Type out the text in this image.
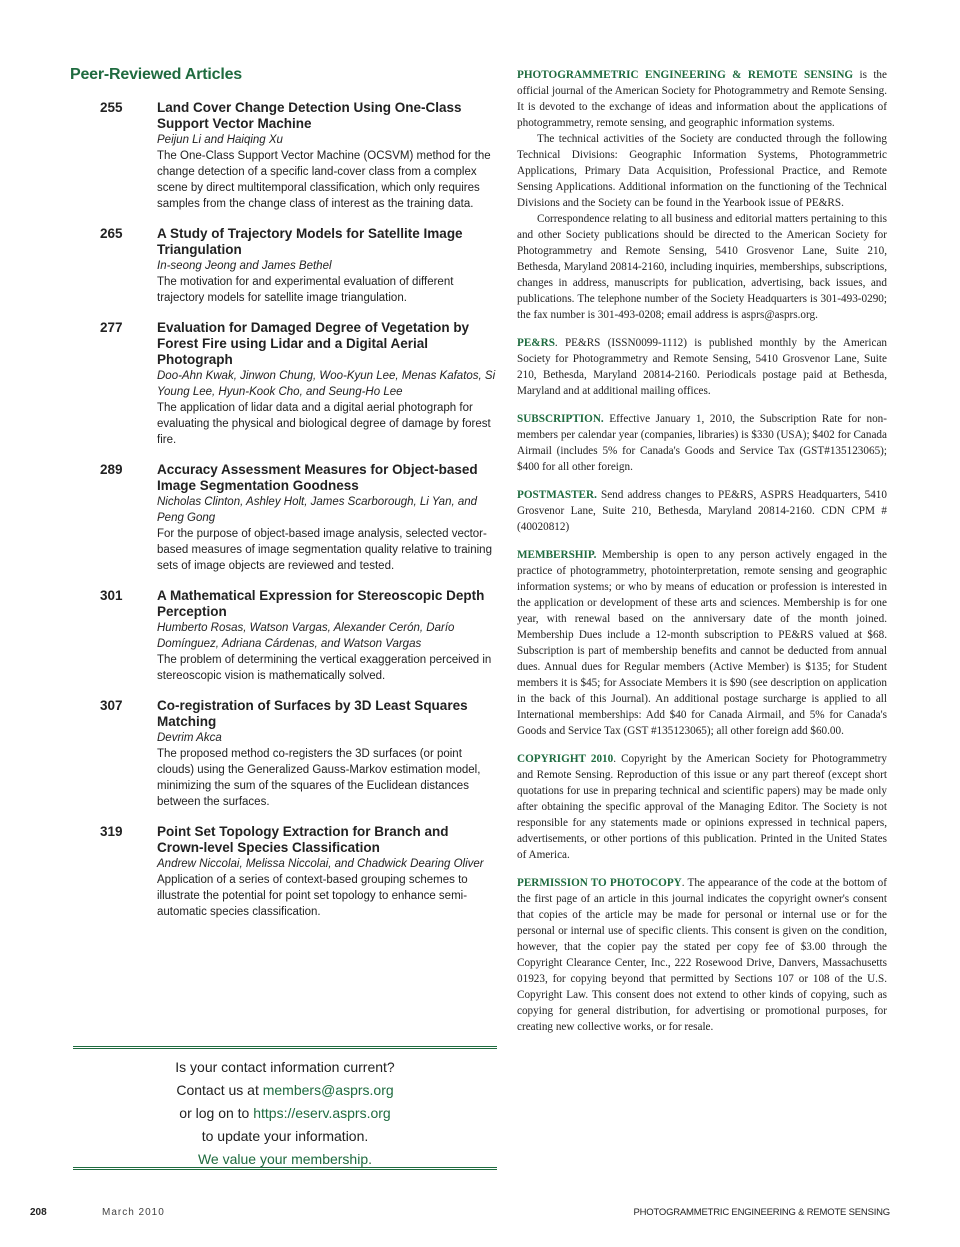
Peer-Reviewed Articles
255	Land Cover Change Detection Using One-Class Support Vector Machine
Peijun Li and Haiqing Xu
The One-Class Support Vector Machine (OCSVM) method for the change detection of a specific land-cover class from a complex scene by direct multitemporal classification, which only requires samples from the change class of interest as the training data.
265	A Study of Trajectory Models for Satellite Image Triangulation
In-seong Jeong and James Bethel
The motivation for and experimental evaluation of different trajectory models for satellite image triangulation.
277	Evaluation for Damaged Degree of Vegetation by Forest Fire using Lidar and a Digital Aerial Photograph
Doo-Ahn Kwak, Jinwon Chung, Woo-Kyun Lee, Menas Kafatos, Si Young Lee, Hyun-Kook Cho, and Seung-Ho Lee
The application of lidar data and a digital aerial photograph for evaluating the physical and biological degree of damage by forest fire.
289	Accuracy Assessment Measures for Object-based Image Segmentation Goodness
Nicholas Clinton, Ashley Holt, James Scarborough, Li Yan, and Peng Gong
For the purpose of object-based image analysis, selected vector-based measures of image segmentation quality relative to training sets of image objects are reviewed and tested.
301	A Mathematical Expression for Stereoscopic Depth Perception
Humberto Rosas, Watson Vargas, Alexander Cerón, Darío Domínguez, Adriana Cárdenas, and Watson Vargas
The problem of determining the vertical exaggeration perceived in stereoscopic vision is mathematically solved.
307	Co-registration of Surfaces by 3D Least Squares Matching
Devrim Akca
The proposed method co-registers the 3D surfaces (or point clouds) using the Generalized Gauss-Markov estimation model, minimizing the sum of the squares of the Euclidean distances between the surfaces.
319	Point Set Topology Extraction for Branch and Crown-level Species Classification
Andrew Niccolai, Melissa Niccolai, and Chadwick Dearing Oliver
Application of a series of context-based grouping schemes to illustrate the potential for point set topology to enhance semi-automatic species classification.
Is your contact information current?
Contact us at members@asprs.org
or log on to https://eserv.asprs.org
to update your information.
We value your membership.

PHOTOGRAMMETRIC ENGINEERING & REMOTE SENSING is the official journal of the American Society for Photogrammetry and Remote Sensing. It is devoted to the exchange of ideas and information about the applications of photogrammetry, remote sensing, and geographic information systems.

The technical activities of the Society are conducted through the following Technical Divisions: Geographic Information Systems, Photogrammetric Applications, Primary Data Acquisition, Professional Practice, and Remote Sensing Applications. Additional information on the functioning of the Technical Divisions and the Society can be found in the Yearbook issue of PE&RS.

Correspondence relating to all business and editorial matters pertaining to this and other Society publications should be directed to the American Society for Photogrammetry and Remote Sensing, 5410 Grosvenor Lane, Suite 210, Bethesda, Maryland 20814-2160, including inquiries, memberships, subscriptions, changes in address, manuscripts for publication, advertising, back issues, and publications. The telephone number of the Society Headquarters is 301-493-0290; the fax number is 301-493-0208; email address is asprs@asprs.org.

PE&RS. PE&RS (ISSN0099-1112) is published monthly by the American Society for Photogrammetry and Remote Sensing, 5410 Grosvenor Lane, Suite 210, Bethesda, Maryland 20814-2160. Periodicals postage paid at Bethesda, Maryland and at additional mailing offices.

SUBSCRIPTION. Effective January 1, 2010, the Subscription Rate for non-members per calendar year (companies, libraries) is $330 (USA); $402 for Canada Airmail (includes 5% for Canada's Goods and Service Tax (GST#135123065); $400 for all other foreign.

POSTMASTER. Send address changes to PE&RS, ASPRS Headquarters, 5410 Grosvenor Lane, Suite 210, Bethesda, Maryland 20814-2160. CDN CPM #(40020812)

MEMBERSHIP. Membership is open to any person actively engaged in the practice of photogrammetry, photointerpretation, remote sensing and geographic information systems; or who by means of education or profession is interested in the application or development of these arts and sciences. Membership is for one year, with renewal based on the anniversary date of the month joined. Membership Dues include a 12-month subscription to PE&RS valued at $68. Subscription is part of membership benefits and cannot be deducted from annual dues. Annual dues for Regular members (Active Member) is $135; for Student members it is $45; for Associate Members it is $90 (see description on application in the back of this Journal). An additional postage surcharge is applied to all International memberships: Add $40 for Canada Airmail, and 5% for Canada's Goods and Service Tax (GST #135123065); all other foreign add $60.00.

COPYRIGHT 2010. Copyright by the American Society for Photogrammetry and Remote Sensing. Reproduction of this issue or any part thereof (except short quotations for use in preparing technical and scientific papers) may be made only after obtaining the specific approval of the Managing Editor. The Society is not responsible for any statements made or opinions expressed in technical papers, advertisements, or other portions of this publication. Printed in the United States of America.

PERMISSION TO PHOTOCOPY. The appearance of the code at the bottom of the first page of an article in this journal indicates the copyright owner's consent that copies of the article may be made for personal or internal use or for the personal or internal use of specific clients. This consent is given on the condition, however, that the copier pay the stated per copy fee of $3.00 through the Copyright Clearance Center, Inc., 222 Rosewood Drive, Danvers, Massachusetts 01923, for copying beyond that permitted by Sections 107 or 108 of the U.S. Copyright Law. This consent does not extend to other kinds of copying, such as copying for general distribution, for advertising or promotional purposes, for creating new collective works, or for resale.

208	March 2010	PHOTOGRAMMETRIC ENGINEERING & REMOTE SENSING
